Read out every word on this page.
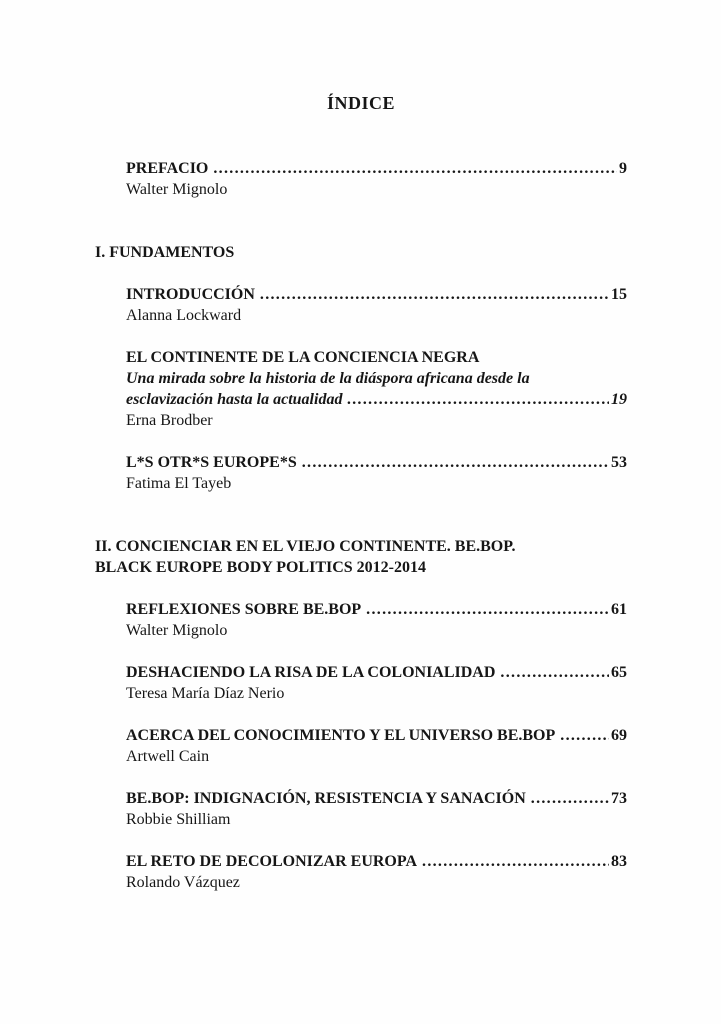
ÍNDICE
PREFACIO .....	9
Walter Mignolo
I. FUNDAMENTOS
INTRODUCCIÓN .....	15
Alanna Lockward
EL CONTINENTE DE LA CONCIENCIA NEGRA
Una mirada sobre la historia de la diáspora africana desde la
esclavización hasta la actualidad .....	19
Erna Brodber
L*S OTR*S EUROPE*S .....	53
Fatima El Tayeb
II. CONCIENCIAR EN EL VIEJO CONTINENTE. BE.BOP.
BLACK EUROPE BODY POLITICS 2012-2014
REFLEXIONES SOBRE BE.BOP .....	61
Walter Mignolo
DESHACIENDO LA RISA DE LA COLONIALIDAD .....	65
Teresa María Díaz Nerio
ACERCA DEL CONOCIMIENTO Y EL UNIVERSO BE.BOP .....	69
Artwell Cain
BE.BOP: INDIGNACIÓN, RESISTENCIA Y SANACIÓN .....	73
Robbie Shilliam
EL RETO DE DECOLONIZAR EUROPA .....	83
Rolando Vázquez
